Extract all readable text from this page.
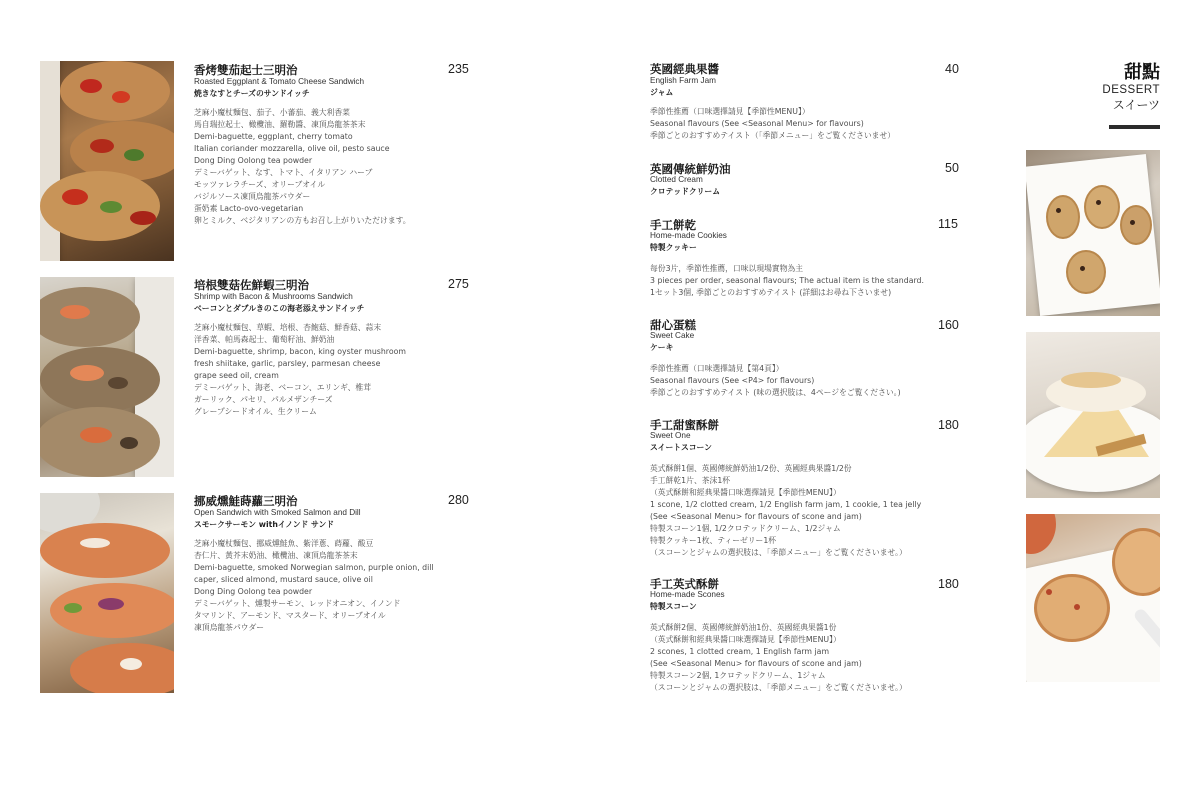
香烤雙茄起士三明治
Roasted Eggplant & Tomato Cheese Sandwich
焼きなすとチーズのサンドイッチ
235
芝麻小魔杖麵包、茄子、小蕃茄、義大利香菜
馬自瑞拉起士、橄欖油、羅勒醬、凍頂烏龍茶茶末
Demi-baguette, eggplant, cherry tomato
Italian coriander mozzarella, olive oil, pesto sauce
Dong Ding Oolong tea powder
デミーバゲット、なす、トマト、イタリアン ハーブ
モッツァレラチーズ、オリーブオイル
バジルソース凍頂烏龍茶パウダー
蛋奶素 Lacto-ovo-vegetarian
卵とミルク、ベジタリアンの方もお召し上がりいただけます。
培根雙菇佐鮮蝦三明治
Shrimp with Bacon & Mushrooms Sandwich
ベーコンとダブルきのこの海老添えサンドイッチ
275
芝麻小魔杖麵包、草蝦、培根、杏鮑菇、鮮香菇、蒜末
洋香菜、帕馬森起士、葡萄籽油、鮮奶油
Demi-baguette, shrimp, bacon, king oyster mushroom
fresh shiitake, garlic, parsley, parmesan cheese
grape seed oil, cream
デミーバゲット、海老、ベーコン、エリンギ、椎茸
ガーリック、パセリ、パルメザンチーズ
グレープシードオイル、生クリーム
挪威燻鮭蒔蘿三明治
Open Sandwich with Smoked Salmon and Dill
スモークサーモン withイノンド サンド
280
芝麻小魔杖麵包、挪威燻鮭魚、紫洋蔥、蒔蘿、酸豆
杏仁片、黃芥末奶油、橄欖油、凍頂烏龍茶茶末
Demi-baguette, smoked Norwegian salmon, purple onion, dill
caper, sliced almond, mustard sauce, olive oil
Dong Ding Oolong tea powder
デミーバゲット、燻製サーモン、レッドオニオン、イノンド
タマリンド、アーモンド、マスタード、オリーブオイル
凍頂烏龍茶パウダー
英國經典果醬
English Farm Jam
ジャム
40
季節性推薦（口味選擇請見【季節性MENU】）
Seasonal flavours (See <Seasonal Menu> for flavours)
季節ごとのおすすめテイスト（「季節メニュー」をご覧くださいませ）
英國傳統鮮奶油
Clotted Cream
クロテッドクリーム
50
手工餅乾
Home-made Cookies
特製クッキー
115
每份3片，季節性推薦，口味以現場實物為主
3 pieces per order, seasonal flavours; The actual item is the standard.
1セット3個, 季節ごとのおすすめテイスト (詳細はお尋ね下さいませ)
甜心蛋糕
Sweet Cake
ケーキ
160
季節性推薦（口味選擇請見【第4頁】）
Seasonal flavours (See <P4> for flavours)
季節ごとのおすすめテイスト (味の選択肢は、4ページをご覧ください。)
手工甜蜜酥餅
Sweet One
スイートスコーン
180
英式酥餅1個、英國傳統鮮奶油1/2份、英國經典果醬1/2份
手工餅乾1片、茶沫1杯
（英式酥餅和經典果醬口味選擇請見【季節性MENU】）
1 scone, 1/2 clotted cream, 1/2 English farm jam, 1 cookie, 1 tea jelly
(See <Seasonal Menu> for flavours of scone and jam)
特製スコーン1個, 1/2クロテッドクリーム、1/2ジャム
特製クッキー1枚、ティーゼリー1杯
（スコーンとジャムの選択肢は、「季節メニュー」をご覧くださいませ。）
手工英式酥餅
Home-made Scones
特製スコーン
180
英式酥餅2個、英國傳統鮮奶油1份、英國經典果醬1份
（英式酥餅和經典果醬口味選擇請見【季節性MENU】）
2 scones, 1 clotted cream, 1 English farm jam
(See <Seasonal Menu> for flavours of scone and jam)
特製スコーン2個, 1クロテッドクリーム、1ジャム
（スコーンとジャムの選択肢は、「季節メニュー」をご覧くださいませ。）
甜點
DESSERT
スイーツ
